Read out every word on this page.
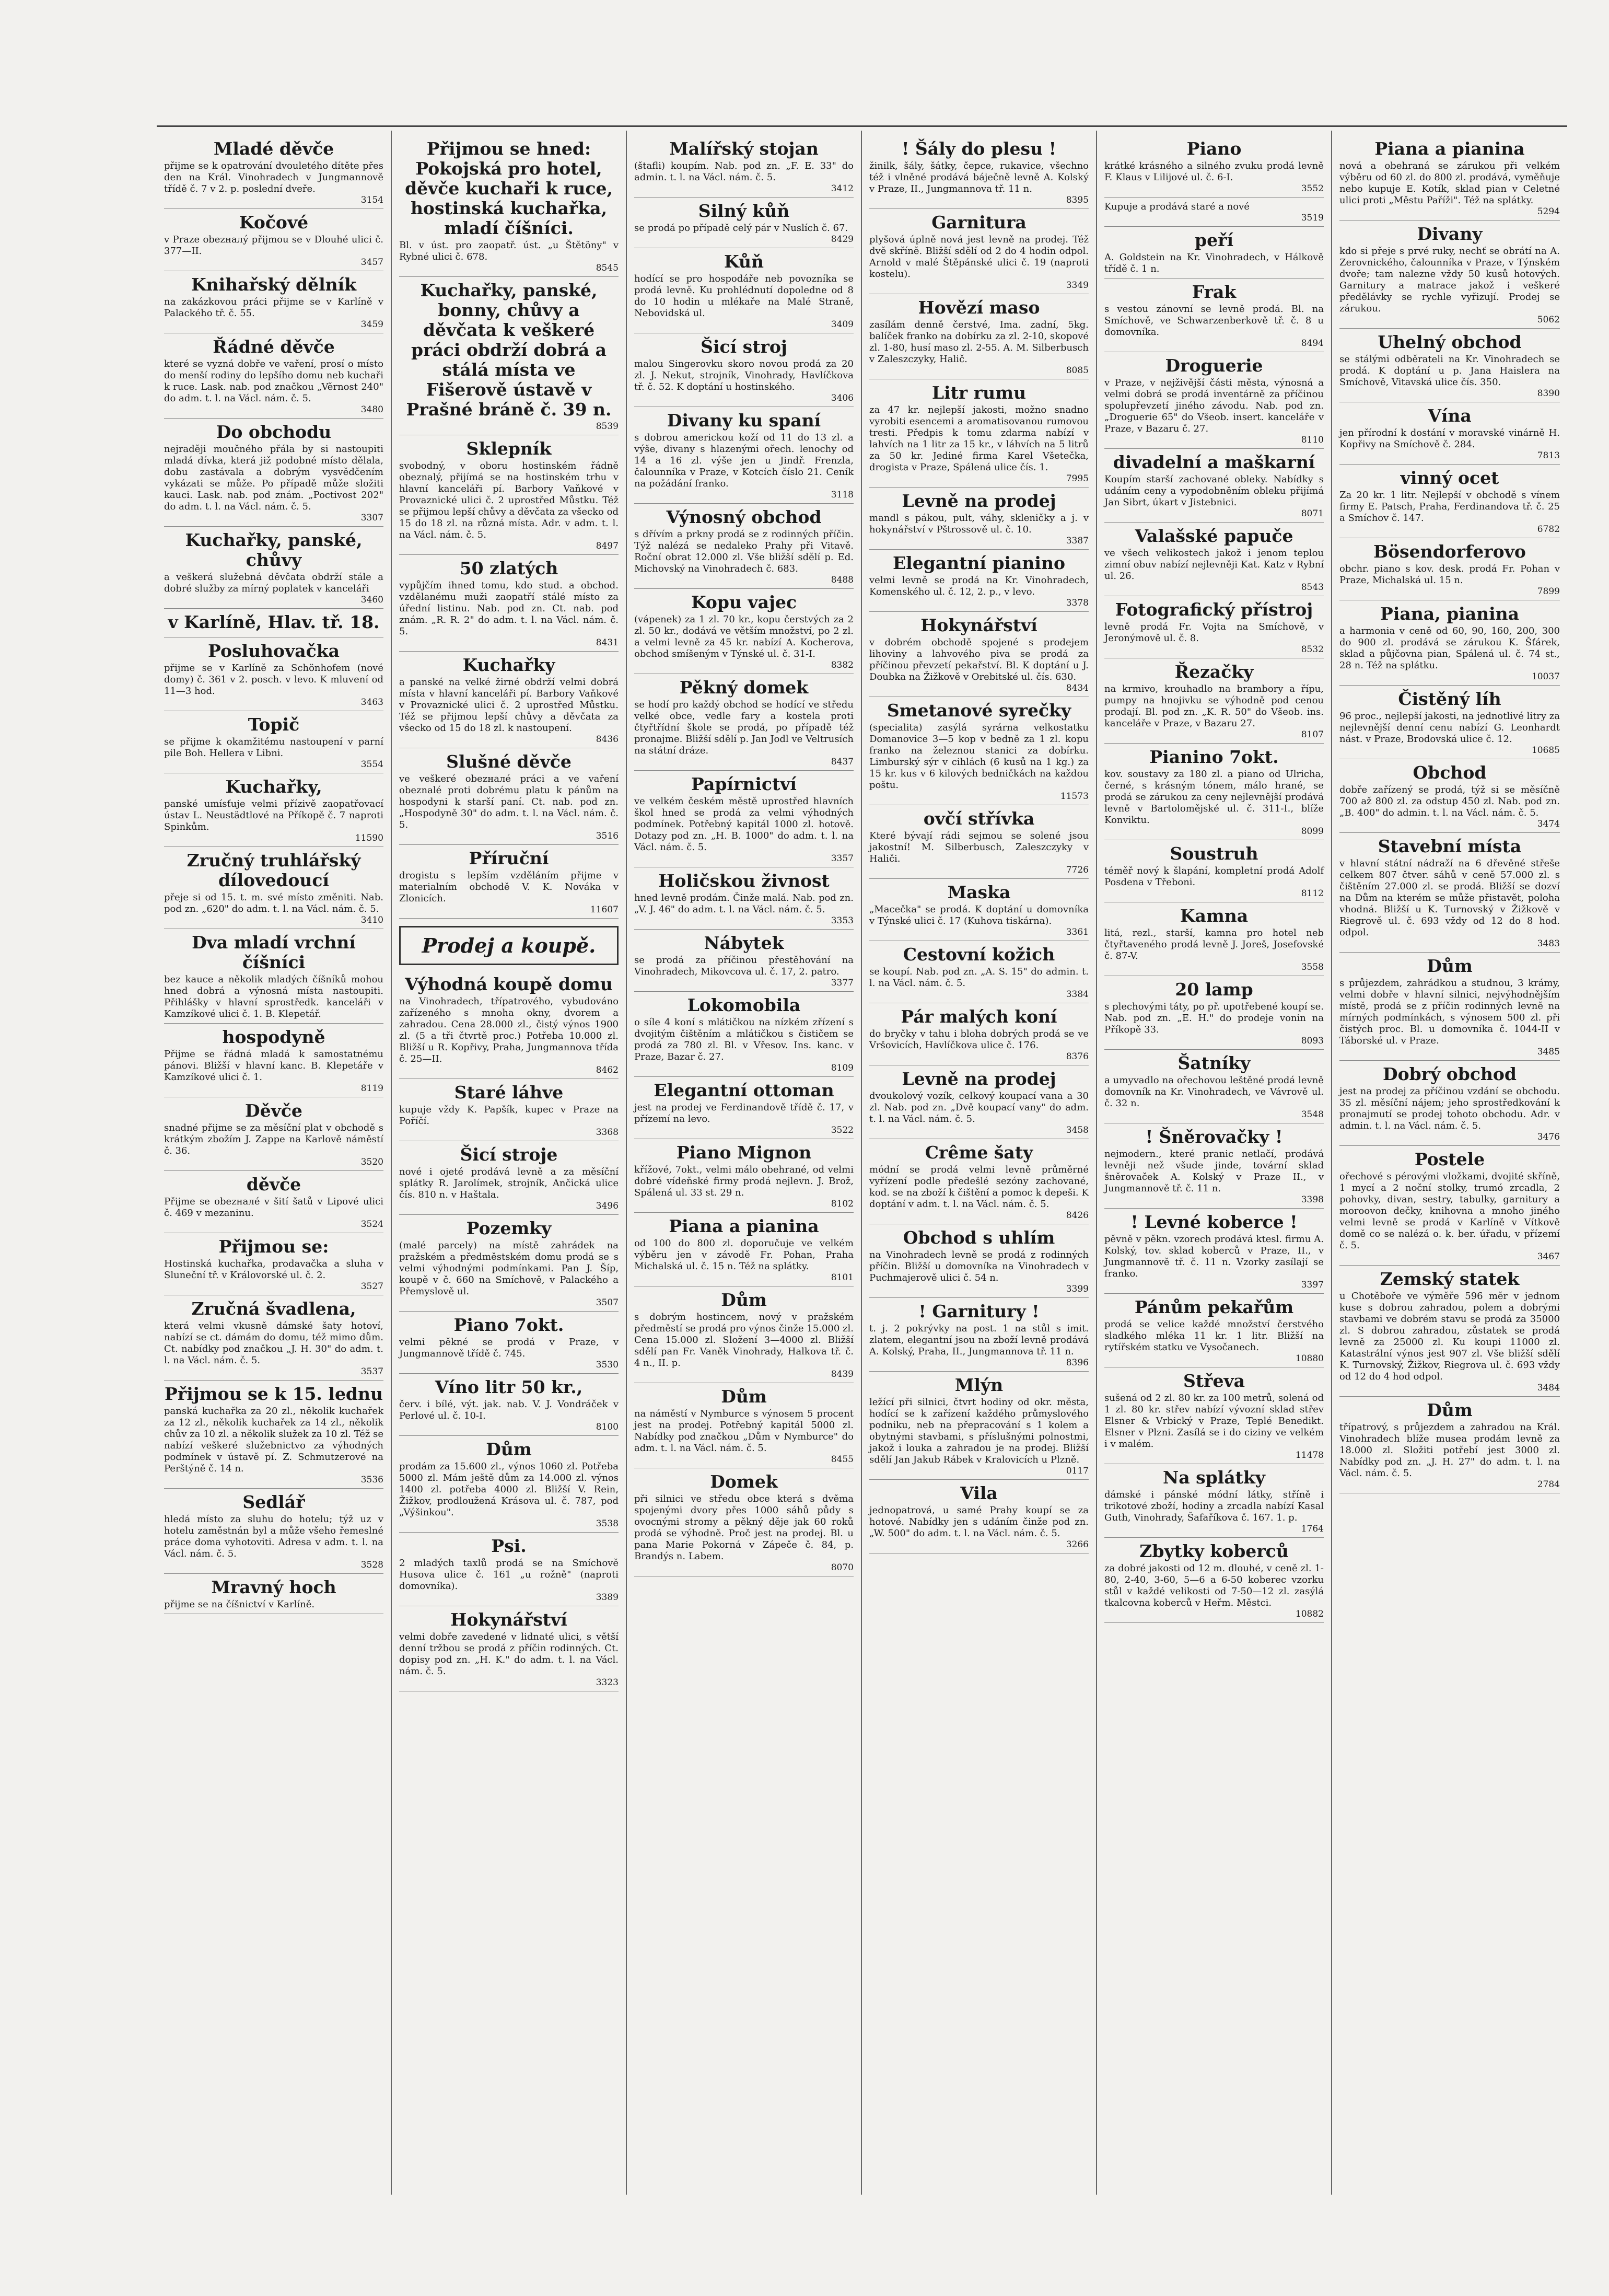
Mladé děvče

přijme se k opatrování dvouletého dítěte přes den na Král. Vinohradech v Jungmannově třídě č. 7 v 2. p. poslední dveře.

3154
Kočové

v Praze obezналý přijmou se v Dlouhé ulici č. 377—II.

3457
Knihařský dělník

na zakázkovou práci přijme se v Karlíně v Palackého tř. č. 55.

3459
Řádné děvče

které se vyzná dobře ve vaření, prosí o místo do menší rodiny do lepšího domu neb kuchaři k ruce. Lask. nab. pod značkou „Věrnost 240" do adm. t. l. na Václ. nám. č. 5.

3480
Do obchodu

nejraději moučného přála by si nastoupiti mladá dívka, která již podobné místo dělala, dobu zastávala a dobrým vysvědčením vykázati se může. Po případě může složiti kauci. Lask. nab. pod znám. „Poctivost 202" do adm. t. l. na Václ. nám. č. 5.

3307
Kuchařky, panské, chůvy

a veškerá služebná děvčata obdrží stále a dobré služby za mírný poplatek v kanceláři

3460
v Karlíně, Hlav. tř. 18.
Posluhovačka

přijme se v Karlíně za Schönhofem (nové domy) č. 361 v 2. posch. v levo. K mluvení od 11—3 hod.

3463
Topič

se přijme k okamžitému nastoupení v parní pile Boh. Hellera v Libni.

3554
Kuchařky,

panské umísťuje velmi přízivě zaopatřovací ústav L. Neustädtlové na Příkopě č. 7 naproti Spinkům.

11590
Zručný truhlářský dílovedoucí

přeje si od 15. t. m. své místo změniti. Nab. pod zn. „620" do adm. t. l. na Václ. nám. č. 5.

3410
Dva mladí vrchní číšníci

bez kauce a několik mladých číšníků mohou hned dobrá a výnosná místa nastoupiti. Přihlášky v hlavní sprostředk. kanceláři v Kamzíkové ulici č. 1. B. Klepetář.

hospodyně

Přijme se řádná mladá k samostatnému pánovi. Bližší v hlavní kanc. B. Klepetáře v Kamzíkové ulici č. 1.

8119
Děvče

snadné přijme se za měsíční plat v obchodě s krátkým zbožím J. Zappe na Karlově náměstí č. 36.

3520
děvče

Přijme se obezналé v šití šatů v Lipové ulici č. 469 v mezaninu.

3524
Přijmou se:

Hostinská kuchařka, prodavačka a sluha v Sluneční tř. v Královorské ul. č. 2.

3527
Zručná švadlena,

která velmi vkusně dámské šaty hotoví, nabízí se ct. dámám do domu, též mimo dům. Ct. nabídky pod značkou „J. H. 30" do adm. t. l. na Václ. nám. č. 5.

3537
Přijmou se k 15. lednu

panská kuchařka za 20 zl., několik kuchařek za 12 zl., několik kuchařek za 14 zl., několik chův za 10 zl. a několik služek za 10 zl. Též se nabízí veškeré služebnictvo za výhodných podmínek v ústavě pí. Z. Schmutzerové na Perštýně č. 14 n.

3536
Sedlář

hledá místo za sluhu do hotelu; týž uz v hotelu zaměstnán byl a může všeho řemeslné práce doma vyhotoviti. Adresa v adm. t. l. na Václ. nám. č. 5.

3528
Mravný hoch

přijme se na číšnictví v Karlíně.

Přijmou se hned: Pokojská pro hotel, děvče kuchaři k ruce, hostinská kuchařka, mladí číšníci.

Bl. v úst. pro zaopatř. úst. „u Štětöny" v Rybné ulici č. 678.

8545
Kuchařky, panské, bonny, chůvy a děvčata k veškeré práci obdrží dobrá a stálá místa ve Fišerově ústavě v Prašné bráně č. 39 n.
8539
Sklepník

svobodný, v oboru hostinském řádně obeznalý, přijímá se na hostinském trhu v hlavní kanceláři pí. Barbory Vaňkové v Provaznické ulici č. 2 uprostřed Můstku. Též se přijmou lepší chůvy a děvčata za všecko od 15 do 18 zl. na různá místa. Adr. v adm. t. l. na Václ. nám. č. 5.

8497
50 zlatých

vypůjčím ihned tomu, kdo stud. a obchod. vzdělanému muži zaopatří stálé místo za úřední listinu. Nab. pod zn. Ct. nab. pod znám. „R. R. 2" do adm. t. l. na Václ. nám. č. 5.

8431
Kuchařky

a panské na velké žirné obdrží velmi dobrá místa v hlavní kanceláři pí. Barbory Vaňkové v Provaznické ulici č. 2 uprostřed Můstku. Též se přijmou lepší chůvy a děvčata za všecko od 15 do 18 zl. k nastoupení.

8436
Slušné děvče

ve veškeré obezналé práci a ve vaření obeznalé proti dobrému platu k pánům na hospodyni k starší paní. Ct. nab. pod zn. „Hospodyně 30" do adm. t. l. na Václ. nám. č. 5.

3516
Příruční

drogistu s lepším vzděláním přijme v materialním obchodě V. K. Nováka v Zlonicích.

11607
Prodej a koupě.
Výhodná koupě domu

na Vinohradech, třípatrového, vybudováno zařízeného s mnoha okny, dvorem a zahradou. Cena 28.000 zl., čistý výnos 1900 zl. (5 a tři čtvrtě proc.) Potřeba 10.000 zl. Bližší u R. Kopřivy, Praha, Jungmannova třída č. 25—II.

8462
Staré láhve

kupuje vždy K. Papšík, kupec v Praze na Poříčí.

3368
Šicí stroje

nové i ojeté prodává levně a za měsíční splátky R. Jarolímek, strojník, Ančická ulice čís. 810 n. v Haštala.

3496
Pozemky

(malé parcely) na místě zahrádek na pražském a předměstském domu prodá se s velmi výhodnými podmínkami. Pan J. Šíp, koupě v č. 660 na Smíchově, v Palackého a Přemyslově ul.

3507
Piano 7okt.

velmi pěkné se prodá v Praze, v Jungmannově třídě č. 745.

3530
Víno litr 50 kr.,

červ. i bílé, výt. jak. nab. V. J. Vondráček v Perlové ul. č. 10-I.

8100
Dům

prodám za 15.600 zl., výnos 1060 zl. Potřeba 5000 zl. Mám ještě dům za 14.000 zl. výnos 1400 zl. potřeba 4000 zl. Bližší V. Rein, Žižkov, prodloužená Krásova ul. č. 787, pod „Výšinkou".

3538
Psi.

2 mladých taxlů prodá se na Smíchově Husova ulice č. 161 „u rožně" (naproti domovníka).

3389
Hokynářství

velmi dobře zavedené v lidnaté ulici, s větší denní tržbou se prodá z příčin rodinných. Ct. dopisy pod zn. „H. K." do adm. t. l. na Václ. nám. č. 5.

3323
Malířský stojan

(štafli) koupím. Nab. pod zn. „F. E. 33" do admin. t. l. na Václ. nám. č. 5.

3412
Silný kůň

se prodá po případě celý pár v Nuslích č. 67.

8429
Kůň

hodící se pro hospodáře neb povozníka se prodá levně. Ku prohlédnutí dopoledne od 8 do 10 hodin u mlékaře na Malé Straně, Nebovidská ul.

3409
Šicí stroj

malou Singerovku skoro novou prodá za 20 zl. J. Nekut, strojník, Vinohrady, Havlíčkova tř. č. 52. K doptání u hostinského.

3406
Divany ku spaní

s dobrou americkou koží od 11 do 13 zl. a výše, divany s hlazenými ořech. lenochy od 14 a 16 zl. výše jen u Jindř. Frenzla, čalounníka v Praze, v Kotcích číslo 21. Ceník na požádání franko.

3118
Výnosný obchod

s dřívím a prkny prodá se z rodinných příčin. Týž nalézá se nedaleko Prahy při Vitavě. Roční obrat 12.000 zl. Vše bližší sdělí p. Ed. Michovský na Vinohradech č. 683.

8488
Kopu vajec

(vápenek) za 1 zl. 70 kr., kopu čerstvých za 2 zl. 50 kr., dodává ve větším množství, po 2 zl. a velmi levně za 45 kr. nabízí A. Kocherova, obchod smíšeným v Týnské ul. č. 31-I.

8382
Pěkný domek

se hodí pro každý obchod se hodící ve středu velké obce, vedle fary a kostela proti čtyřtřídní škole se prodá, po případě též pronajme. Bližší sdělí p. Jan Jodl ve Veltrusích na státní dráze.

8437
Papírnictví

ve velkém českém městě uprostřed hlavních škol hned se prodá za velmi výhodných podmínek. Potřebný kapitál 1000 zl. hotově. Dotazy pod zn. „H. B. 1000" do adm. t. l. na Václ. nám. č. 5.

3357
Holičskou živnost

hned levně prodám. Činže malá. Nab. pod zn. „V. J. 46" do adm. t. l. na Václ. nám. č. 5.

3353
Nábytek

se prodá za příčinou přestěhování na Vinohradech, Mikovcova ul. č. 17, 2. patro.

3377
Lokomobila

o síle 4 koní s mlátičkou na nízkém zřízení s dvojitým čištěním a mlátičkou s čističem se prodá za 780 zl. Bl. v Vřesov. Ins. kanc. v Praze, Bazar č. 27.

8109
Elegantní ottoman

jest na prodej ve Ferdinandově třídě č. 17, v přízemí na levo.

3522
Piano Mignon

křížové, 7okt., velmi málo obehrané, od velmi dobré vídeňské firmy prodá nejlevn. J. Brož, Spálená ul. 33 st. 29 n.

8102
Piana a pianina

od 100 do 800 zl. doporučuje ve velkém výběru jen v závodě Fr. Pohan, Praha Michalská ul. č. 15 n. Též na splátky.

8101
Dům

s dobrým hostincem, nový v pražském předměstí se prodá pro výnos činže 15.000 zl. Cena 15.000 zl. Složení 3—4000 zl. Bližší sdělí pan Fr. Vaněk Vinohrady, Halkova tř. č. 4 n., II. p.

8439
Dům

na náměstí v Nymburce s výnosem 5 procent jest na prodej. Potřebný kapitál 5000 zl. Nabídky pod značkou „Dům v Nymburce" do adm. t. l. na Václ. nám. č. 5.

8455
Domek

při silnici ve středu obce která s dvěma spojenými dvory přes 1000 sáhů půdy s ovocnými stromy a pěkný děje jak 60 roků prodá se výhodně. Proč jest na prodej. Bl. u pana Marie Pokorná v Zápeče č. 84, p. Brandýs n. Labem.

8070
! Šály do plesu !

žinilk, šály, šátky, čepce, rukavice, všechno též i vlněné prodává báječně levně A. Kolský v Praze, II., Jungmannova tř. 11 n.

8395
Garnitura

plyšová úplně nová jest levně na prodej. Též dvě skříně. Bližší sdělí od 2 do 4 hodin odpol. Arnold v malé Štěpánské ulici č. 19 (naproti kostelu).

3349
Hovězí maso

zasílám denně čerstvé, Ima. zadní, 5kg. balíček franko na dobírku za zl. 2-10, skopové zl. 1-80, husí maso zl. 2-55. A. M. Silberbusch v Zaleszczyky, Halič.

8085
Litr rumu

za 47 kr. nejlepší jakosti, možno snadno vyrobiti esencemi a aromatisovanou rumovou tresti. Předpis k tomu zdarma nabízí v lahvích na 1 litr za 15 kr., v láhvích na 5 litrů za 50 kr. Jediné firma Karel Všetečka, drogista v Praze, Spálená ulice čís. 1.

7995
Levně na prodej

mandl s pákou, pult, váhy, skleničky a j. v hokynářství v Pštrossově ul. č. 10.

3387
Elegantní pianino

velmi levně se prodá na Kr. Vinohradech, Komenského ul. č. 12, 2. p., v levo.

3378
Hokynářství

v dobrém obchodě spojené s prodejem lihoviny a lahvového piva se prodá za příčinou převzetí pekařství. Bl. K doptání u J. Doubka na Žižkově v Orebitské ul. čís. 630.

8434
Smetanové syrečky

(specialita) zasýlá syrárna velkostatku Domanovice 3—5 kop v bedně za 1 zl. kopu franko na železnou stanici za dobírku. Limburský sýr v cihlách (6 kusů na 1 kg.) za 15 kr. kus v 6 kilových bedničkách na každou poštu.

11573
ovčí střívka

Které bývají rádi sejmou se solené jsou jakostní! M. Silberbusch, Zaleszczyky v Haliči.

7726
Maska

„Macečka" se prodá. K doptání u domovníka v Týnské ulici č. 17 (Kuhova tiskárna).

3361
Cestovní kožich

se koupí. Nab. pod zn. „A. S. 15" do admin. t. l. na Václ. nám. č. 5.

3384
Pár malých koní

do bryčky v tahu i bloha dobrých prodá se ve Vršovicích, Havlíčkova ulice č. 176.

8376
Levně na prodej

dvoukolový vozík, celkový koupací vana a 30 zl. Nab. pod zn. „Dvě koupací vany" do adm. t. l. na Václ. nám. č. 5.

3458
Crême šaty

módní se prodá velmi levně průměrné vyřízení podle předešlé sezóny zachované, kod. se na zboží k čištění a pomoc k depeši. K doptání v adm. t. l. na Václ. nám. č. 5.

8426
Obchod s uhlím

na Vinohradech levně se prodá z rodinných příčin. Bližší u domovníka na Vinohradech v Puchmajerově ulici č. 54 n.

3399
! Garnitury !

t. j. 2 pokrývky na post. 1 na stůl s imit. zlatem, elegantní jsou na zboží levně prodává A. Kolský, Praha, II., Jungmannova tř. 11 n.

8396
Mlýn

ležící při silnici, čtvrt hodiny od okr. města, hodící se k zařízení každého průmyslového podniku, neb na přepracování s 1 kolem a obytnými stavbami, s příslušnými polnostmi, jakož i louka a zahradou je na prodej. Bližší sdělí Jan Jakub Rábek v Kralovicích u Plzně.

0117
Vila

jednopatrová, u samé Prahy koupí se za hotové. Nabídky jen s udáním činže pod zn. „W. 500" do adm. t. l. na Václ. nám. č. 5.

3266
Piano

krátké krásného a silného zvuku prodá levně F. Klaus v Lilijové ul. č. 6-I.

3552

Kupuje a prodává staré a nové

3519
peří

A. Goldstein na Kr. Vinohradech, v Hálkově třídě č. 1 n.

Frak

s vestou zánovní se levně prodá. Bl. na Smíchově, ve Schwarzenberkově tř. č. 8 u domovníka.

8494
Droguerie

v Praze, v nejživější části města, výnosná a velmi dobrá se prodá inventárně za příčinou spolupřevzetí jiného závodu. Nab. pod zn. „Droguerie 65" do Všeob. insert. kanceláře v Praze, v Bazaru č. 27.

8110
divadelní a maškarní

Koupím starší zachované obleky. Nabídky s udáním ceny a vypodobněním obleku přijímá Jan Sibrt, úkart v Jistebnici.

8071
Valašské papuče

ve všech velikostech jakož i jenom teplou zimní obuv nabízí nejlevněji Kat. Katz v Rybní ul. 26.

8543
Fotografický přístroj

levně prodá Fr. Vojta na Smíchově, v Jeronýmově ul. č. 8.

8532
Řezačky

na krmivo, krouhadlo na brambory a řípu, pumpy na hnojivku se výhodně pod cenou prodají. Bl. pod zn. „K. R. 50" do Všeob. ins. kanceláře v Praze, v Bazaru 27.

8107
Pianino 7okt.

kov. soustavy za 180 zl. a piano od Ulricha, černé, s krásným tónem, málo hrané, se prodá se zárukou za ceny nejlevnější prodává levně v Bartolomějské ul. č. 311-I., blíže Konviktu.

8099
Soustruh

téměř nový k šlapání, kompletní prodá Adolf Posdena v Třeboni.

8112
Kamna

litá, rezl., starší, kamna pro hotel neb čtyřtaveného prodá levně J. Joreš, Josefovské č. 87-V.

3558
20 lamp

s plechovými táty, po př. upotřebené koupí se. Nab. pod zn. „E. H." do prodeje vonin na Příkopě 33.

8093
Šatníky

a umyvadlo na ořechovou leštěné prodá levně domovník na Kr. Vinohradech, ve Vávrově ul. č. 32 n.

3548
! Šněrovačky !

nejmodern., které pranic netlačí, prodává levněji než všude jinde, tovární sklad šněrovaček A. Kolský v Praze II., v Jungmannově tř. č. 11 n.

3398
! Levné koberce !

pěvně v pěkn. vzorech prodává ktesl. firmu A. Kolský, tov. sklad koberců v Praze, II., v Jungmannově tř. č. 11 n. Vzorky zasílají se franko.

3397
Pánům pekařům

prodá se velice každé množství čerstvého sladkého mléka 11 kr. 1 litr. Bližší na rytířském statku ve Vysočanech.

10880
Střeva

sušená od 2 zl. 80 kr. za 100 metrů, solená od 1 zl. 80 kr. střev nabízí vývozní sklad střev Elsner & Vrbický v Praze, Teplé Benedikt. Elsner v Plzni. Zasílá se i do ciziny ve velkém i v malém.

11478
Na splátky

dámské i pánské módní látky, stříně i trikotové zboží, hodiny a zrcadla nabízí Kasal Guth, Vinohrady, Šafaříkova č. 167. 1. p.

1764
Zbytky koberců

za dobré jakosti od 12 m. dlouhé, v ceně zl. 1-80, 2-40, 3-60, 5—6 a 6-50 koberec vzorku stůl v každé velikosti od 7-50—12 zl. zasýlá tkalcovna koberců v Heřm. Městci.

10882
Piana a pianina

nová a obehraná se zárukou při velkém výběru od 60 zl. do 800 zl. prodává, vyměňuje nebo kupuje E. Kotík, sklad pian v Celetné ulici proti „Městu Paříži". Též na splátky.

5294
Divany

kdo si přeje s prvé ruky, nechť se obrátí na A. Zerovnického, čalounníka v Praze, v Týnském dvoře; tam nalezne vždy 50 kusů hotových. Garnitury a matrace jakož i veškeré předělávky se rychle vyřizují. Prodej se zárukou.

5062
Uhelný obchod

se stálými odběrateli na Kr. Vinohradech se prodá. K doptání u p. Jana Haislera na Smíchově, Vitavská ulice čís. 350.

8390
Vína

jen přírodní k dostání v moravské vinárně H. Kopřivy na Smíchově č. 284.

7813
vinný ocet

Za 20 kr. 1 litr. Nejlepší v obchodě s vínem firmy E. Patsch, Praha, Ferdinandova tř. č. 25 a Smíchov č. 147.

6782
Bösendorferovo

obchr. piano s kov. desk. prodá Fr. Pohan v Praze, Michalská ul. 15 n.

7899
Piana, pianina

a harmonia v ceně od 60, 90, 160, 200, 300 do 900 zl. prodává se zárukou K. Šťárek, sklad a půjčovna pian, Spálená ul. č. 74 st., 28 n. Též na splátku.

10037
Čistěný líh

96 proc., nejlepší jakosti, na jednotlivé litry za nejlevnější denní cenu nabízí G. Leonhardt nást. v Praze, Brodovská ulice č. 12.

10685
Obchod

dobře zařízený se prodá, týž si se měsíčně 700 až 800 zl. za odstup 450 zl. Nab. pod zn. „B. 400" do admin. t. l. na Václ. nám. č. 5.

3474
Stavební místa

v hlavní státní nádraží na 6 dřevěné střeše celkem 807 čtver. sáhů v ceně 57.000 zl. s čištěním 27.000 zl. se prodá. Bližší se dozví na Dům na kterém se může přistavět, poloha vhodná. Bližší u K. Turnovský v Žižkově v Riegrově ul. č. 693 vždy od 12 do 8 hod. odpol.

3483
Dům

s průjezdem, zahrádkou a studnou, 3 krámy, velmi dobře v hlavní silnici, nejvýhodnějším místě, prodá se z příčin rodinných levně na mírných podmínkách, s výnosem 500 zl. při čistých proc. Bl. u domovníka č. 1044-II v Táborské ul. v Praze.

3485
Dobrý obchod

jest na prodej za příčinou vzdání se obchodu. 35 zl. měsíční nájem; jeho sprostředkování k pronajmutí se prodej tohoto obchodu. Adr. v admin. t. l. na Václ. nám. č. 5.

3476
Postele

ořechové s pérovými vložkami, dvojité skříně, 1 mycí a 2 noční stolky, trumó zrcadla, 2 pohovky, divan, sestry, tabulky, garnitury a moroovon dečky, knihovna a mnoho jiného velmi levně se prodá v Karlíně v Vítkově domě co se nalézá o. k. ber. úřadu, v přízemí č. 5.

3467
Zemský statek

u Chotěboře ve výměře 596 měr v jednom kuse s dobrou zahradou, polem a dobrými stavbami ve dobrém stavu se prodá za 35000 zl. S dobrou zahradou, zůstatek se prodá levně za 25000 zl. Ku koupi 11000 zl. Katastrální výnos jest 907 zl. Vše bližší sdělí K. Turnovský, Žižkov, Riegrova ul. č. 693 vždy od 12 do 4 hod odpol.

3484
Dům

třípatrový, s průjezdem a zahradou na Král. Vinohradech blíže musea prodám levně za 18.000 zl. Složiti potřebí jest 3000 zl. Nabídky pod zn. „J. H. 27" do adm. t. l. na Václ. nám. č. 5.

2784
